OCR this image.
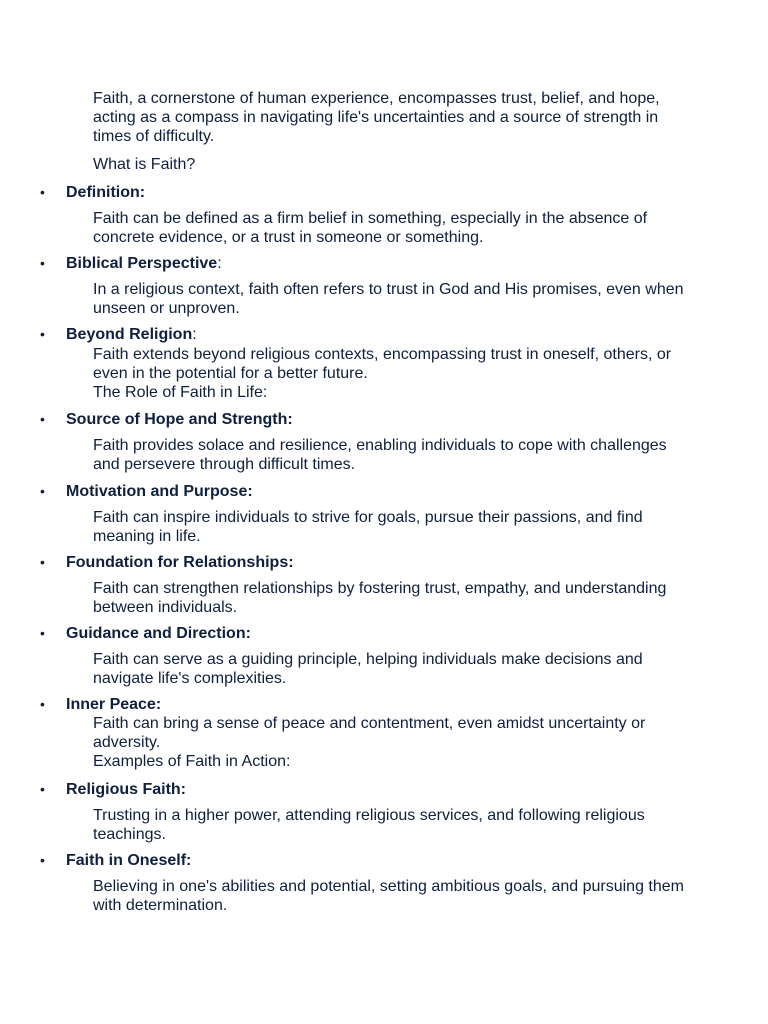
Faith, a cornerstone of human experience, encompasses trust, belief, and hope, acting as a compass in navigating life's uncertainties and a source of strength in times of difficulty.

What is Faith?

• Definition:

Faith can be defined as a firm belief in something, especially in the absence of concrete evidence, or a trust in someone or something.

• Biblical Perspective:

In a religious context, faith often refers to trust in God and His promises, even when unseen or unproven.

• Beyond Religion:

Faith extends beyond religious contexts, encompassing trust in oneself, others, or even in the potential for a better future.

The Role of Faith in Life:

• Source of Hope and Strength:

Faith provides solace and resilience, enabling individuals to cope with challenges and persevere through difficult times.

• Motivation and Purpose:

Faith can inspire individuals to strive for goals, pursue their passions, and find meaning in life.

• Foundation for Relationships:

Faith can strengthen relationships by fostering trust, empathy, and understanding between individuals.

• Guidance and Direction:

Faith can serve as a guiding principle, helping individuals make decisions and navigate life's complexities.

• Inner Peace:

Faith can bring a sense of peace and contentment, even amidst uncertainty or adversity.

Examples of Faith in Action:

• Religious Faith:

Trusting in a higher power, attending religious services, and following religious teachings.

• Faith in Oneself:

Believing in one's abilities and potential, setting ambitious goals, and pursuing them with determination.
